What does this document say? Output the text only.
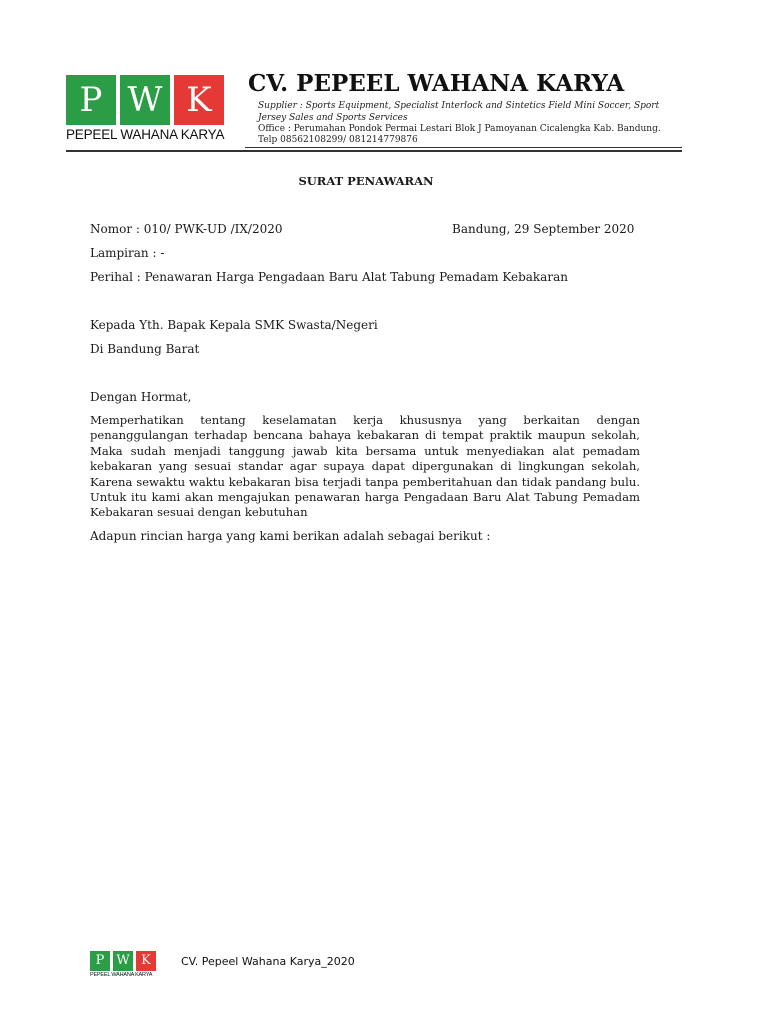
P W K
PEPEEL WAHANA KARYA
CV. PEPEEL WAHANA KARYA
Supplier : Sports Equipment, Specialist Interlock and Sintetics Field Mini Soccer, Sport Jersey Sales and Sports Services
Office : Perumahan Pondok Permai Lestari Blok J Pamoyanan Cicalengka Kab. Bandung. Telp 08562108299/ 081214779876
SURAT PENAWARAN
Nomor : 010/ PWK-UD /IX/2020	Bandung, 29 September 2020
Lampiran : -
Perihal : Penawaran Harga Pengadaan Baru Alat Tabung Pemadam Kebakaran
Kepada Yth. Bapak Kepala SMK Swasta/Negeri
Di Bandung Barat
Dengan Hormat,
Memperhatikan tentang keselamatan kerja khususnya yang berkaitan dengan penanggulangan terhadap bencana bahaya kebakaran di tempat praktik maupun sekolah, Maka sudah menjadi tanggung jawab kita bersama untuk menyediakan alat pemadam kebakaran yang sesuai standar agar supaya dapat dipergunakan di lingkungan sekolah, Karena sewaktu waktu kebakaran bisa terjadi tanpa pemberitahuan dan tidak pandang bulu. Untuk itu kami akan mengajukan penawaran harga Pengadaan Baru Alat Tabung Pemadam Kebakaran sesuai dengan kebutuhan
Adapun rincian harga yang kami berikan adalah sebagai berikut :
P W K
PEPEEL WAHANA KARYA
CV. Pepeel Wahana Karya_2020
